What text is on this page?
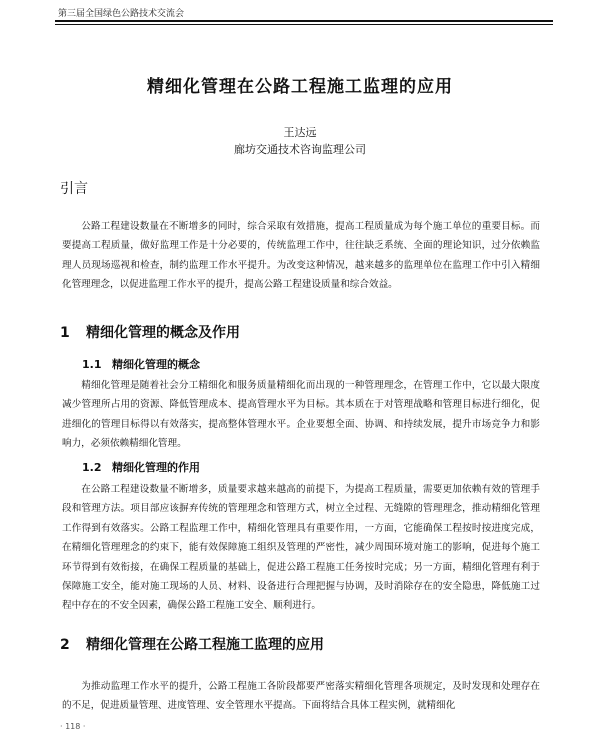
第三届全国绿色公路技术交流会
精细化管理在公路工程施工监理的应用
王达远
廊坊交通技术咨询监理公司
引言

公路工程建设数量在不断增多的同时，综合采取有效措施，提高工程质量成为每个施工单位的重要目标。而要提高工程质量，做好监理工作是十分必要的，传统监理工作中，往往缺乏系统、全面的理论知识，过分依赖监理人员现场巡视和检查，制约监理工作水平提升。为改变这种情况，越来越多的监理单位在监理工作中引入精细化管理理念，以促进监理工作水平的提升，提高公路工程建设质量和综合效益。

1 精细化管理的概念及作用
1.1 精细化管理的概念

精细化管理是随着社会分工精细化和服务质量精细化而出现的一种管理理念，在管理工作中，它以最大限度减少管理所占用的资源、降低管理成本、提高管理水平为目标。其本质在于对管理战略和管理目标进行细化，促进细化的管理目标得以有效落实，提高整体管理水平。企业要想全面、协调、和持续发展，提升市场竞争力和影响力，必须依赖精细化管理。

1.2 精细化管理的作用

在公路工程建设数量不断增多，质量要求越来越高的前提下，为提高工程质量，需要更加依赖有效的管理手段和管理方法。项目部应该摒弃传统的管理理念和管理方式，树立全过程、无缝隙的管理理念，推动精细化管理工作得到有效落实。公路工程监理工作中，精细化管理具有重要作用，一方面，它能确保工程按时按进度完成，在精细化管理理念的约束下，能有效保障施工组织及管理的严密性，减少周围环境对施工的影响，促进每个施工环节得到有效衔接，在确保工程质量的基础上，促进公路工程施工任务按时完成；另一方面，精细化管理有利于保障施工安全，能对施工现场的人员、材料、设备进行合理把握与协调，及时消除存在的安全隐患，降低施工过程中存在的不安全因素，确保公路工程施工安全、顺利进行。

2 精细化管理在公路工程施工监理的应用

为推动监理工作水平的提升，公路工程施工各阶段都要严密落实精细化管理各项规定，及时发现和处理存在的不足，促进质量管理、进度管理、安全管理水平提高。下面将结合具体工程实例，就精细化

· 118 ·
